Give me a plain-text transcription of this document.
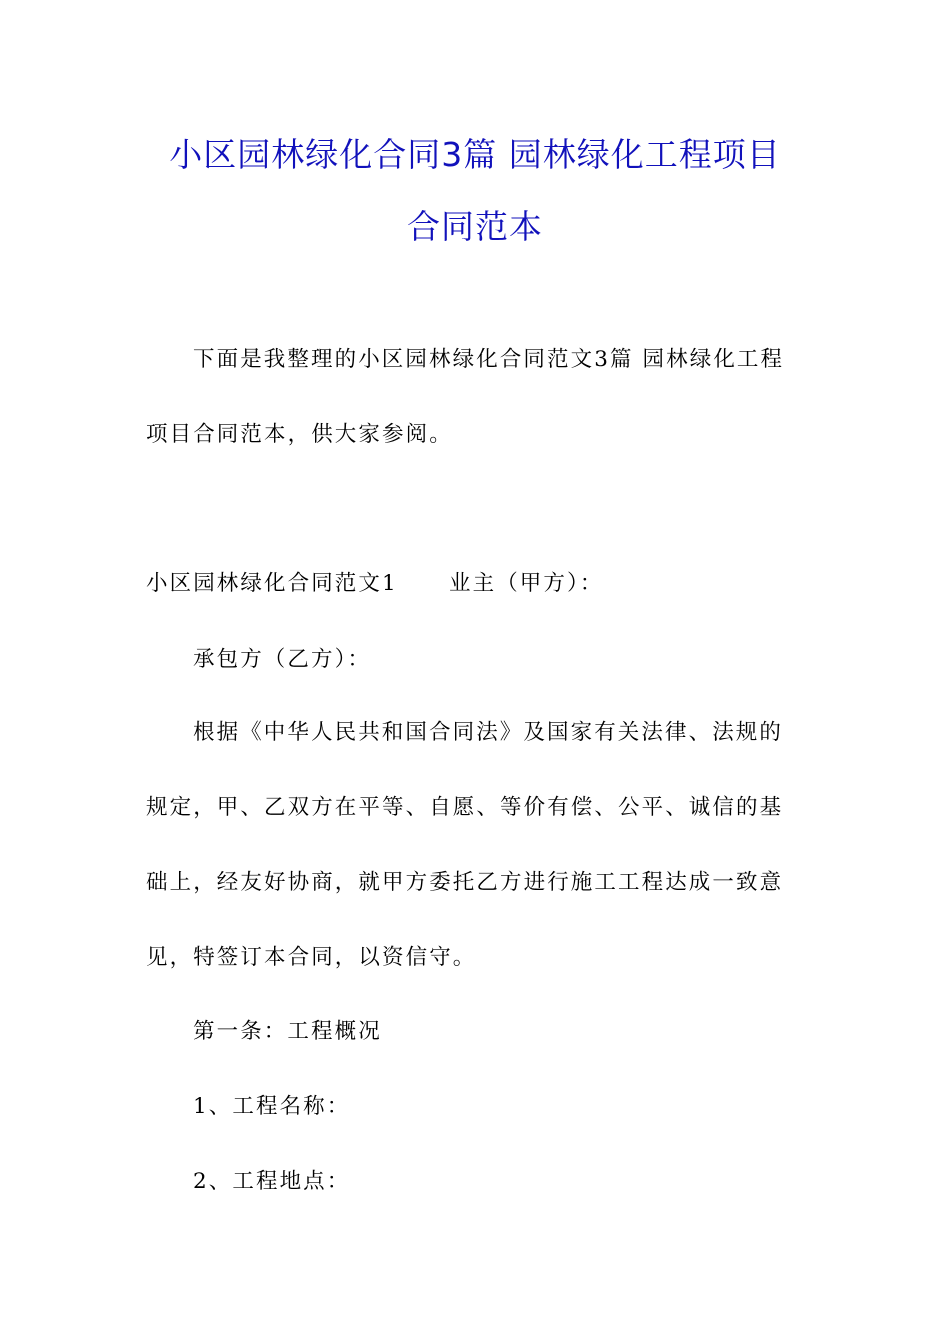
小区园林绿化合同3篇 园林绿化工程项目
合同范本
下面是我整理的小区园林绿化合同范文3篇 园林绿化工程
项目合同范本，供大家参阅。
小区园林绿化合同范文1 业主（甲方）：
承包方（乙方）：
根据《中华人民共和国合同法》及国家有关法律、法规的
规定，甲、乙双方在平等、自愿、等价有偿、公平、诚信的基
础上，经友好协商，就甲方委托乙方进行施工工程达成一致意
见，特签订本合同，以资信守。
第一条：工程概况
1、工程名称：
2、工程地点：
